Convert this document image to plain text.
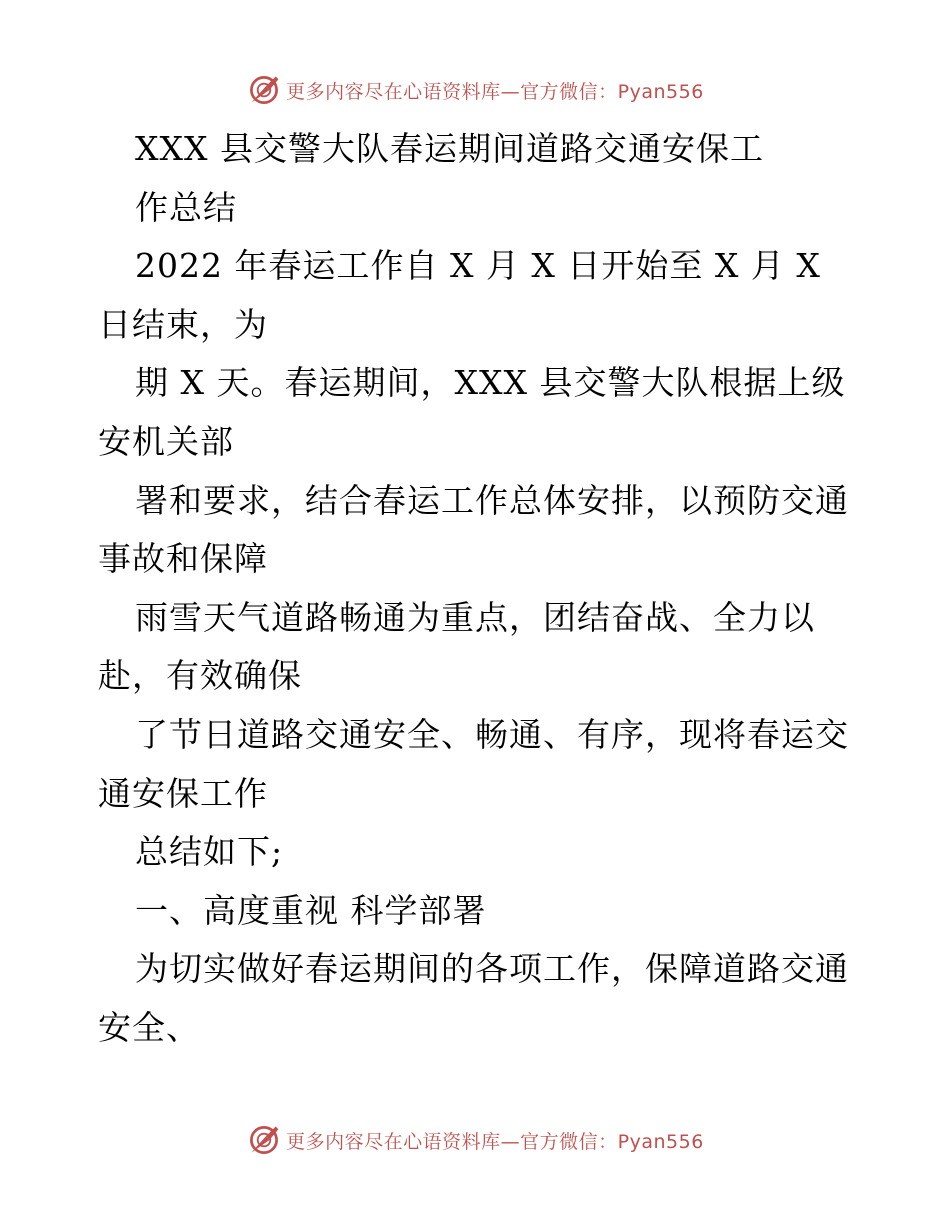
更多内容尽在心语资料库—官方微信：Pyan556
XXX 县交警大队春运期间道路交通安保工
作总结
2022 年春运工作自 X 月 X 日开始至 X 月 X
日结束，为
期 X 天。春运期间，XXX 县交警大队根据上级
安机关部
署和要求，结合春运工作总体安排，以预防交通
事故和保障
雨雪天气道路畅通为重点，团结奋战、全力以
赴，有效确保
了节日道路交通安全、畅通、有序，现将春运交
通安保工作
总结如下;
一、高度重视 科学部署
为切实做好春运期间的各项工作，保障道路交通
安全、
更多内容尽在心语资料库—官方微信：Pyan556
